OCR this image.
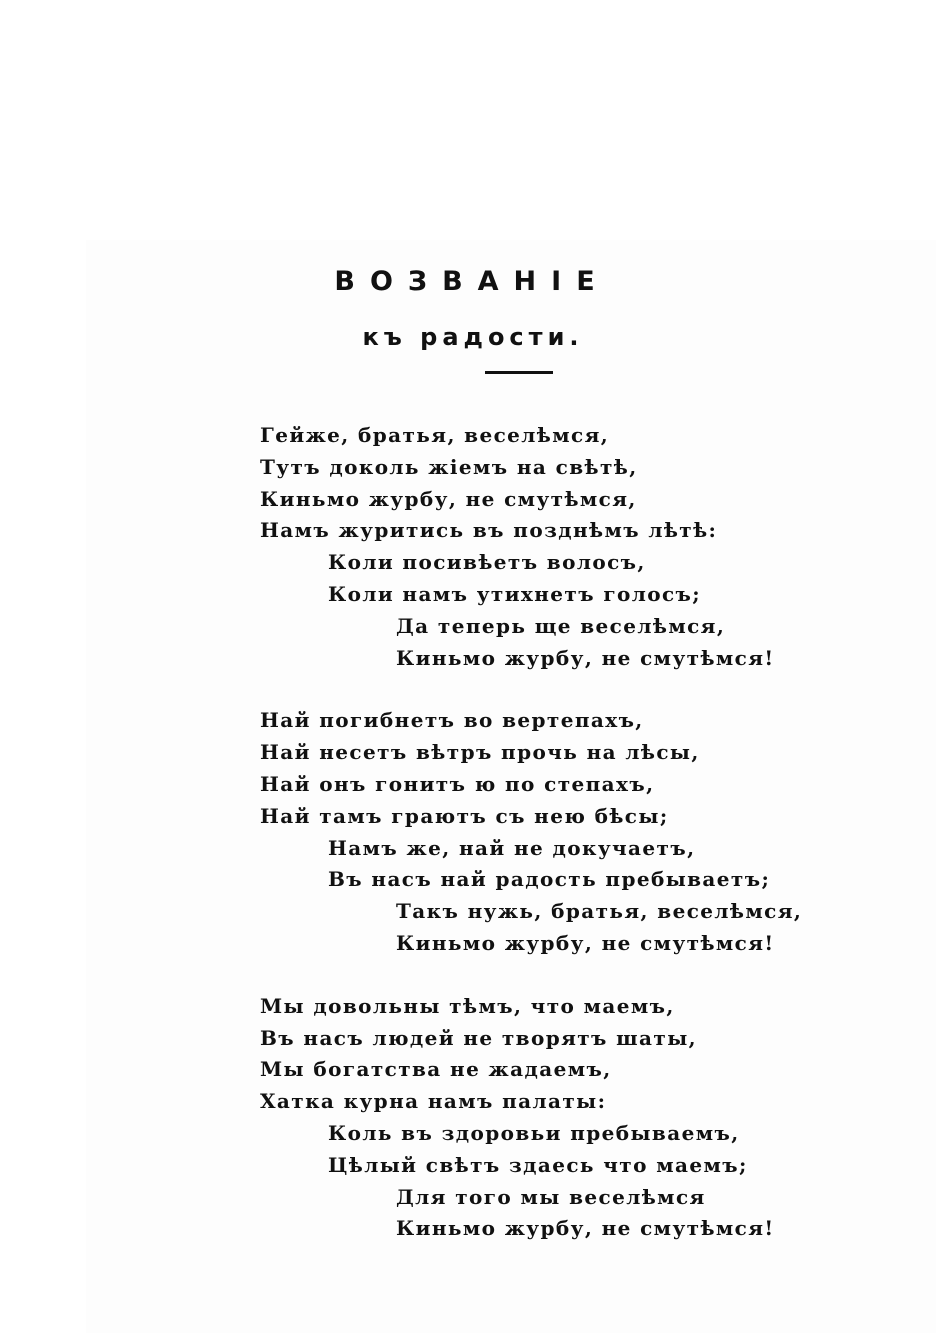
ВОЗВАНІЕ
къ радости.
Гейже, братья, веселѣмся,
Тутъ доколь жіемъ на свѣтѣ,
Киньмо журбу, не смутѣмся,
Намъ журитись въ позднѣмъ лѣтѣ:
Коли посивѣетъ волосъ,
Коли намъ утихнетъ голосъ;
Да теперь ще веселѣмся,
Киньмо журбу, не смутѣмся!
Най погибнетъ во вертепахъ,
Най несетъ вѣтръ прочь на лѣсы,
Най онъ гонитъ ю по степахъ,
Най тамъ граютъ съ нею бѣсы;
Намъ же, най не докучаетъ,
Въ насъ най радость пребываетъ;
Такъ нужь, братья, веселѣмся,
Киньмо журбу, не смутѣмся!
Мы довольны тѣмъ, что маемъ,
Въ насъ людей не творятъ шаты,
Мы богатства не жадаемъ,
Хатка курна намъ палаты:
Коль въ здоровьи пребываемъ,
Цѣлый свѣтъ здаесь что маемъ;
Для того мы веселѣмся
Киньмо журбу, не смутѣмся!
